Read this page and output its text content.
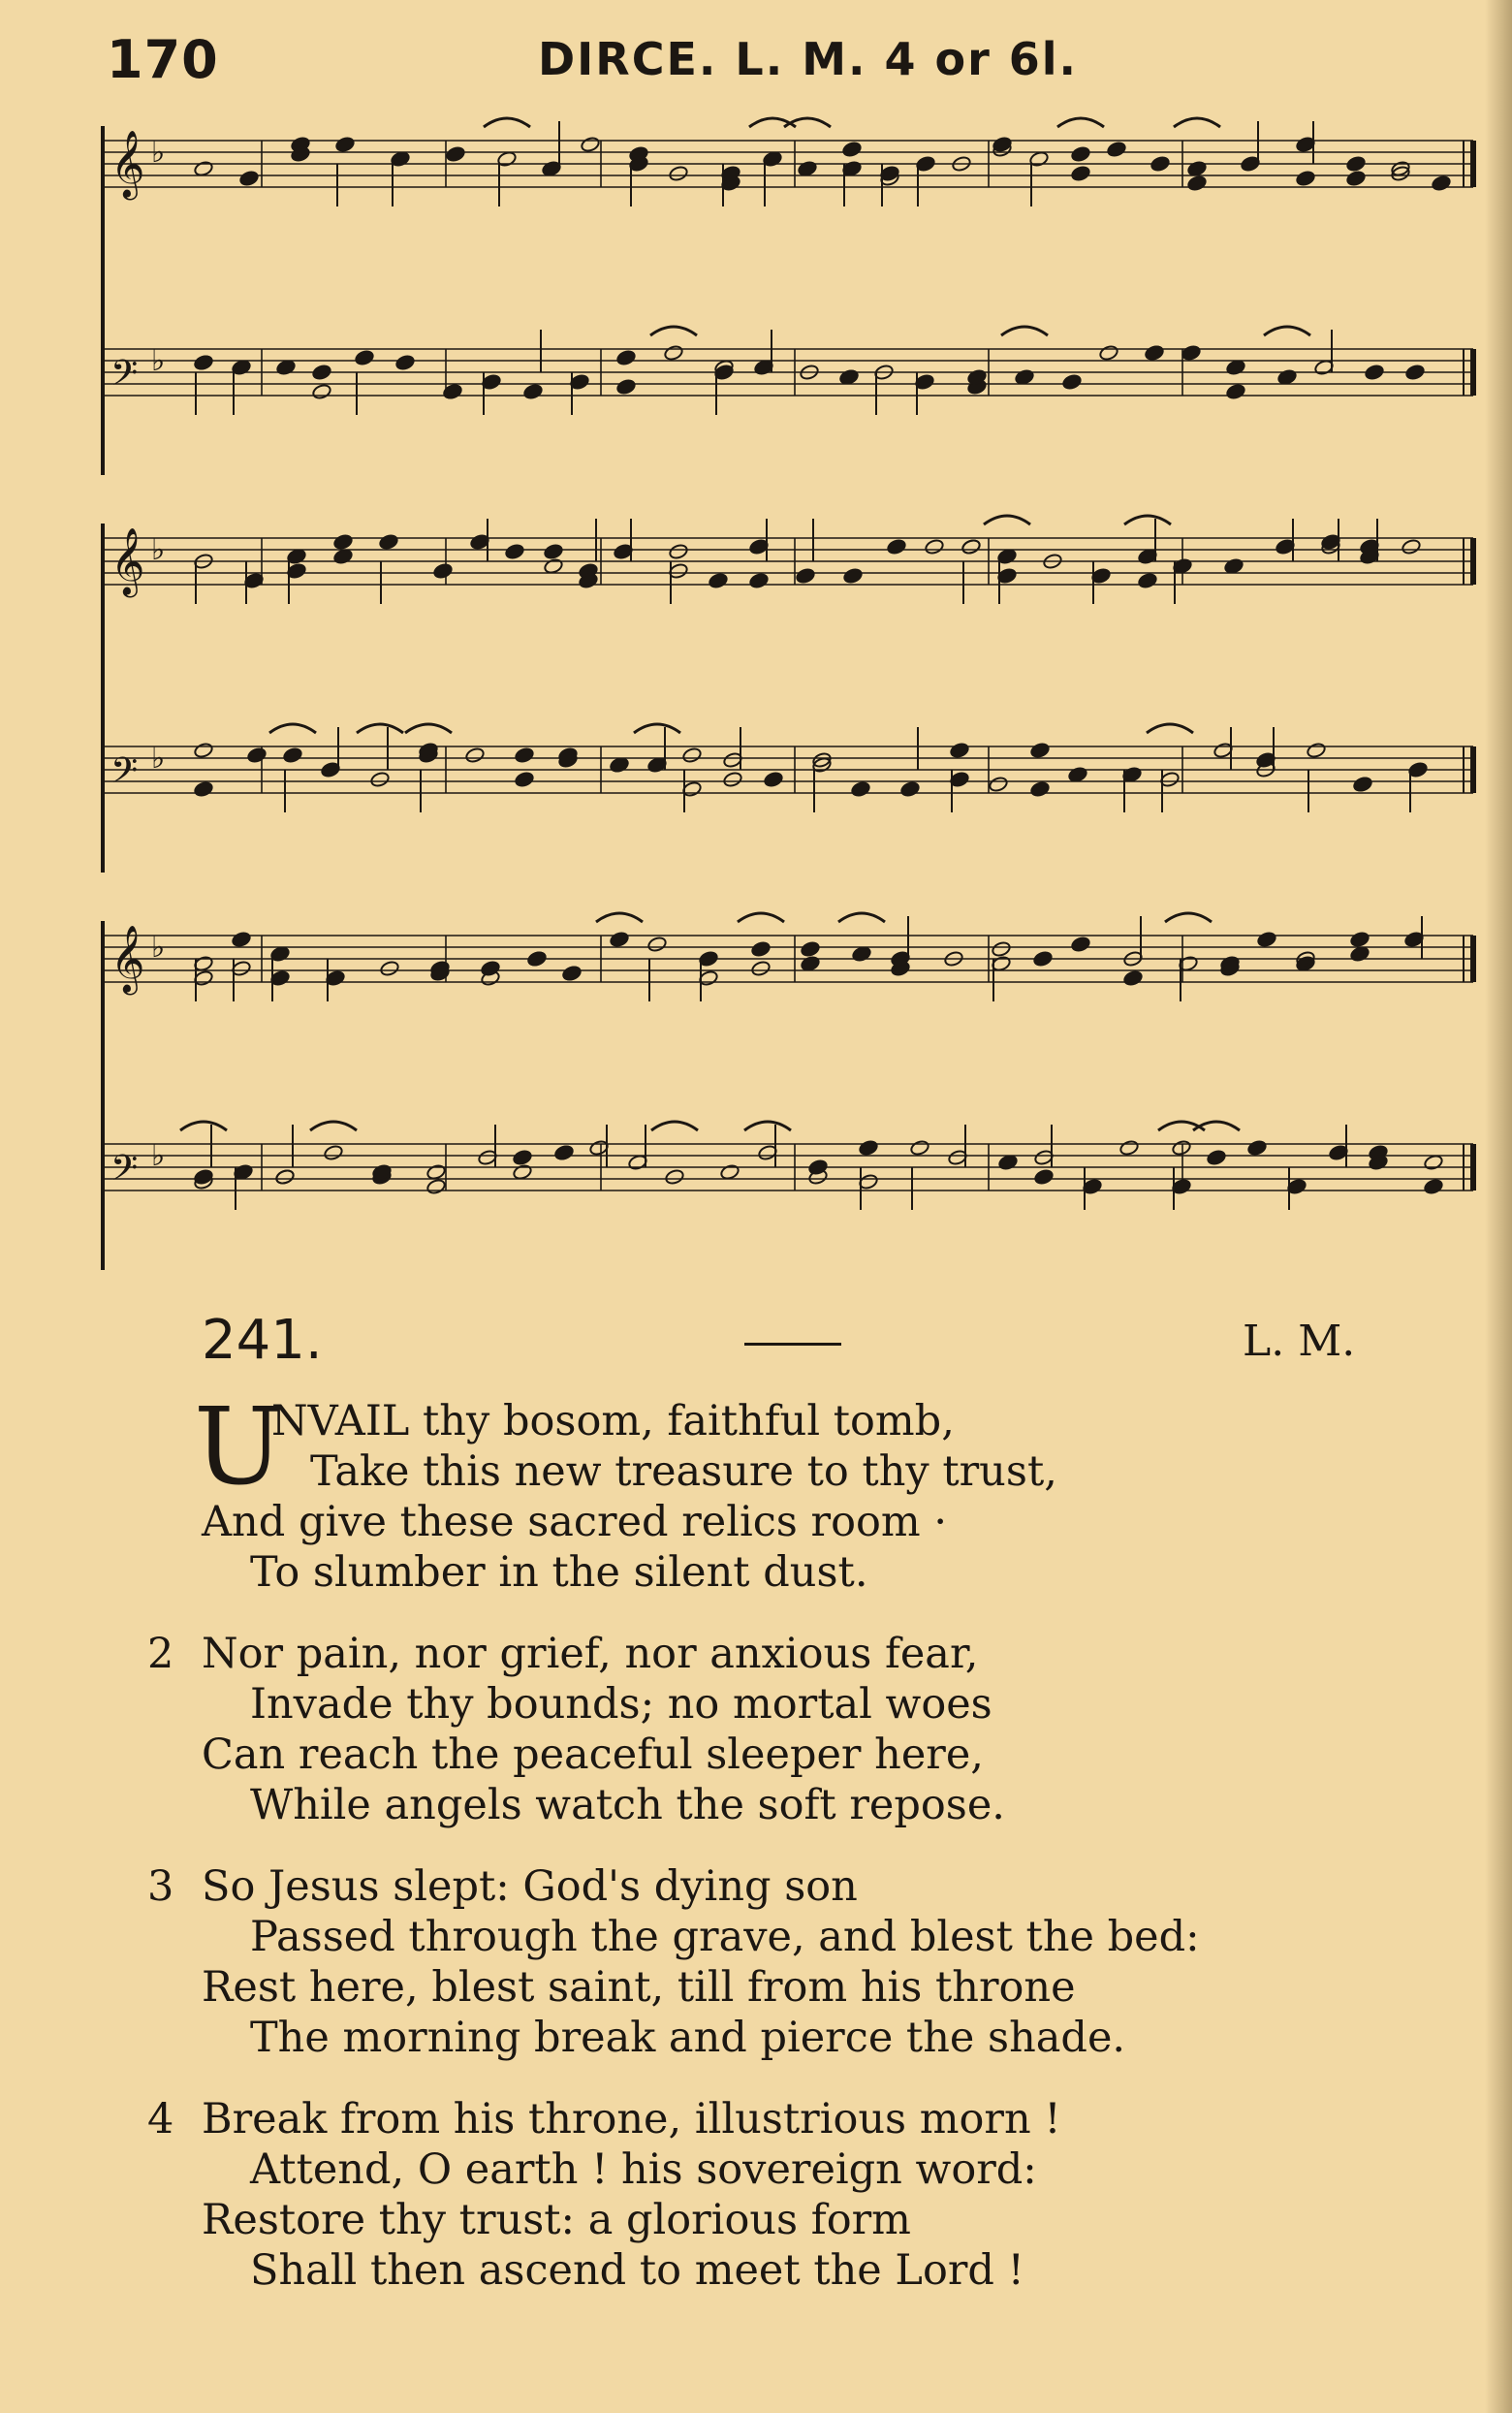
170	DIRCE. L. M. 4 or 6l.
𝄞 ♭
𝄢 ♭
𝄞 ♭
𝄢 ♭
𝄞 ♭
𝄢 ♭
241.	L. M.
U
NVAIL thy bosom, faithful tomb,
Take this new treasure to thy trust,
And give these sacred relics room ·
To slumber in the silent dust.
2 Nor pain, nor grief, nor anxious fear,
Invade thy bounds; no mortal woes
Can reach the peaceful sleeper here,
While angels watch the soft repose.
3 So Jesus slept: God's dying son
Passed through the grave, and blest the bed:
Rest here, blest saint, till from his throne
The morning break and pierce the shade.
4 Break from his throne, illustrious morn !
Attend, O earth ! his sovereign word:
Restore thy trust: a glorious form
Shall then ascend to meet the Lord !
